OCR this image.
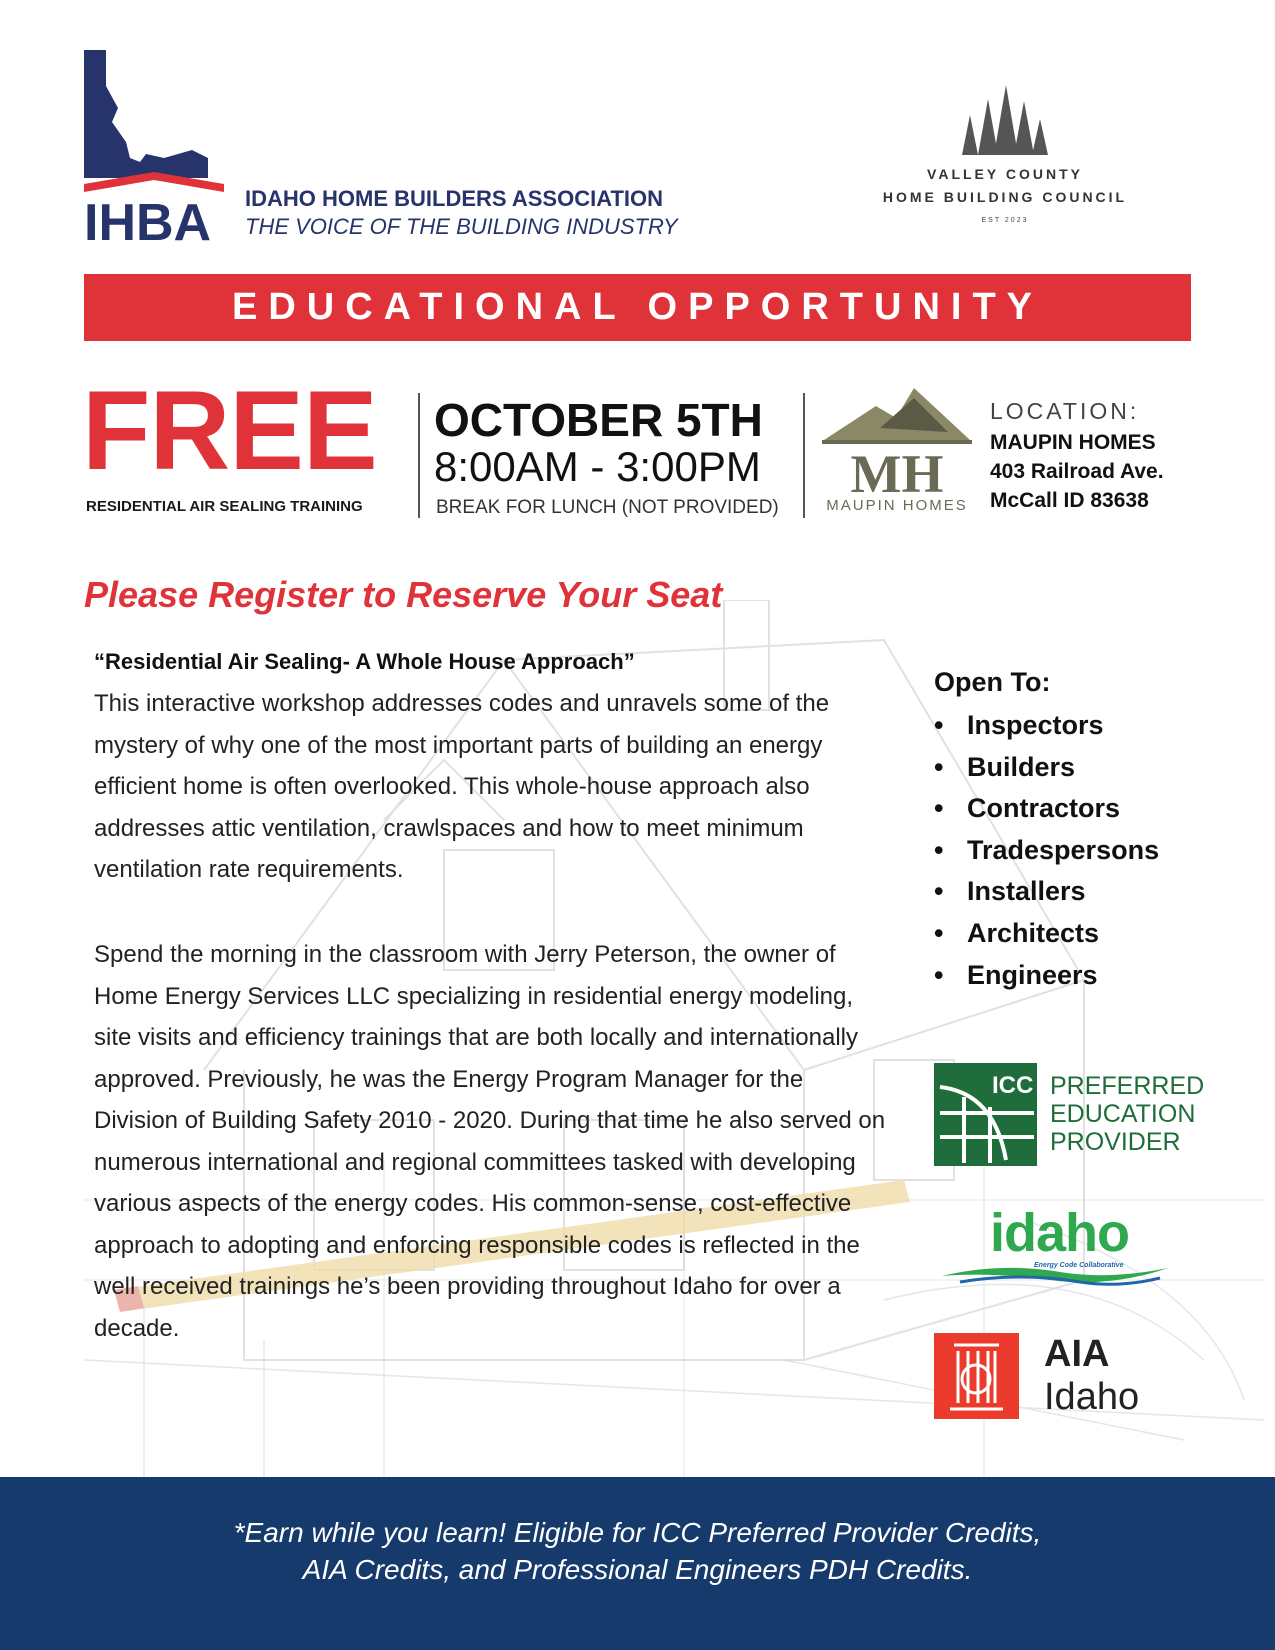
IHBA IDAHO HOME BUILDERS ASSOCIATION
THE VOICE OF THE BUILDING INDUSTRY
VALLEY COUNTY
HOME BUILDING COUNCIL
EST 2023
EDUCATIONAL OPPORTUNITY
FREE
RESIDENTIAL AIR SEALING TRAINING
OCTOBER 5TH
8:00AM - 3:00PM
BREAK FOR LUNCH (NOT PROVIDED)
MH
MAUPIN HOMES
LOCATION:
MAUPIN HOMES
403 Railroad Ave.
McCall ID 83638
Please Register to Reserve Your Seat
“Residential Air Sealing- A Whole House Approach”
This interactive workshop addresses codes and unravels some of the mystery of why one of the most important parts of building an energy efficient home is often overlooked. This whole-house approach also addresses attic ventilation, crawlspaces and how to meet minimum ventilation rate requirements.
Spend the morning in the classroom with Jerry Peterson, the owner of Home Energy Services LLC specializing in residential energy modeling, site visits and efficiency trainings that are both locally and internationally approved. Previously, he was the Energy Program Manager for the Division of Building Safety 2010 - 2020. During that time he also served on numerous international and regional committees tasked with developing various aspects of the energy codes. His common-sense, cost-effective approach to adopting and enforcing responsible codes is reflected in the well received trainings he’s been providing throughout Idaho for over a decade.
Open To:
• Inspectors
• Builders
• Contractors
• Tradespersons
• Installers
• Architects
• Engineers
ICC PREFERRED
EDUCATION
PROVIDER
idaho
Energy Code Collaborative
AIA
Idaho
*Earn while you learn! Eligible for ICC Preferred Provider Credits,
AIA Credits, and Professional Engineers PDH Credits.
